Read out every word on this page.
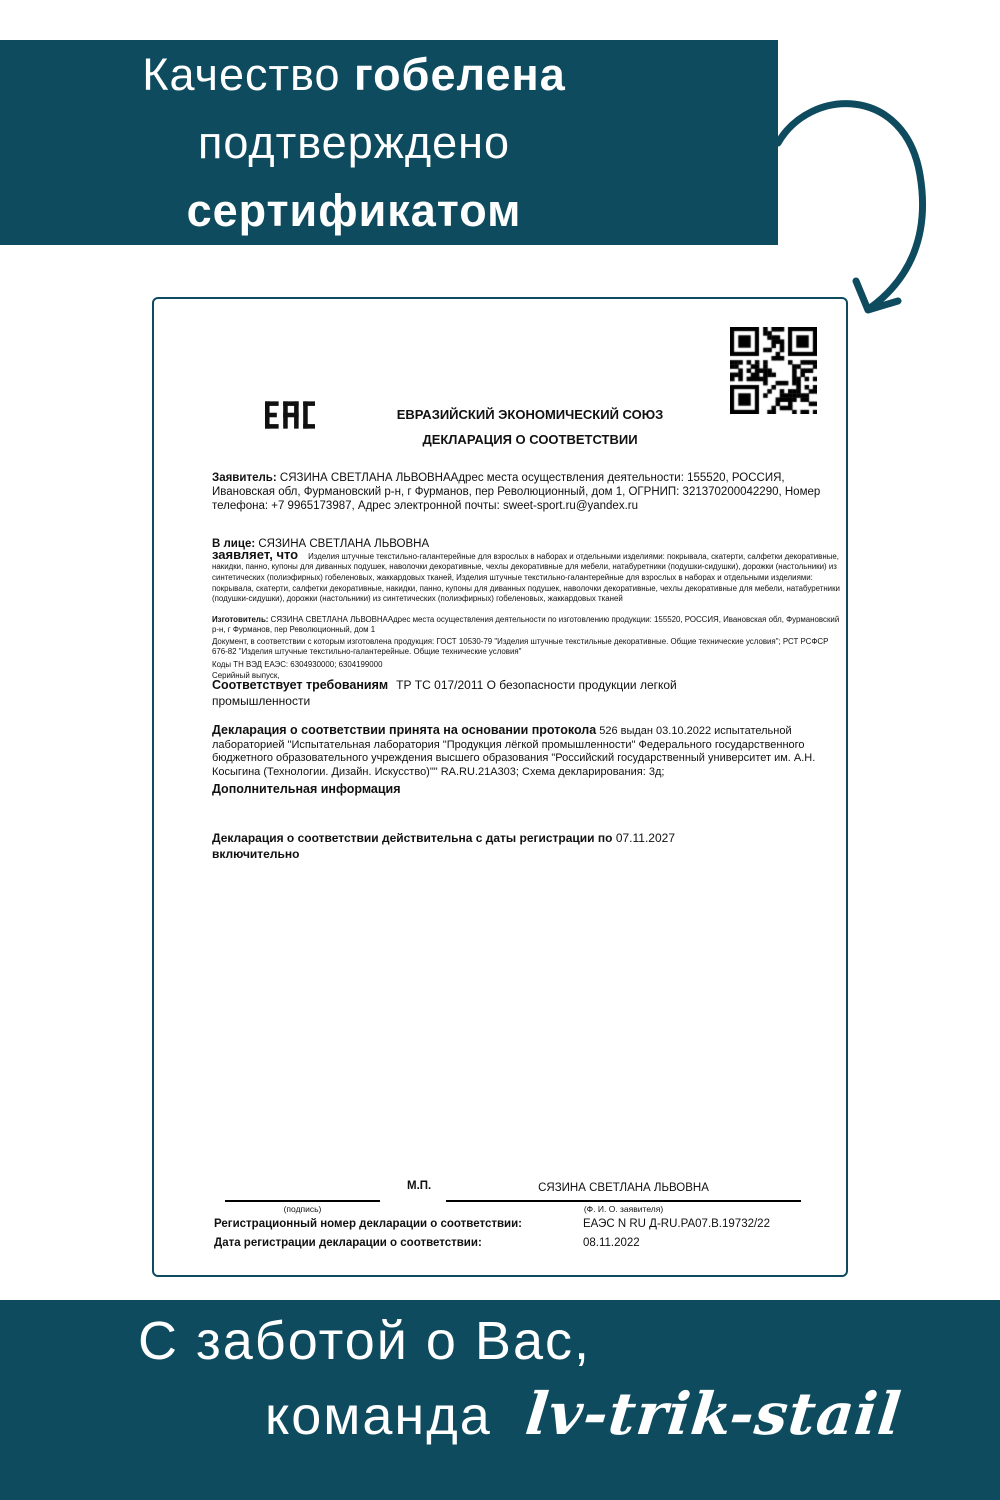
Качество гобелена
подтверждено
сертификатом
ЕВРАЗИЙСКИЙ ЭКОНОМИЧЕСКИЙ СОЮЗ
ДЕКЛАРАЦИЯ О СООТВЕТСТВИИ

Заявитель: СЯЗИНА СВЕТЛАНА ЛЬВОВНААдрес места осуществления деятельности: 155520, РОССИЯ, Ивановская обл, Фурмановский р-н, г Фурманов, пер Революционный, дом 1, ОГРНИП: 321370200042290, Номер телефона: +7 9965173987, Адрес электронной почты: sweet-sport.ru@yandex.ru

В лице: СЯЗИНА СВЕТЛАНА ЛЬВОВНА

заявляет, что Изделия штучные текстильно-галантерейные для взрослых в наборах и отдельными изделиями: покрывала, скатерти, салфетки декоративные, накидки, панно, купоны для диванных подушек, наволочки декоративные, чехлы декоративные для мебели, натабуретники (подушки-сидушки), дорожки (настольники) из синтетических (полиэфирных) гобеленовых, жаккардовых тканей, Изделия штучные текстильно-галантерейные для взрослых в наборах и отдельными изделиями: покрывала, скатерти, салфетки декоративные, накидки, панно, купоны для диванных подушек, наволочки декоративные, чехлы декоративные для мебели, натабуретники (подушки-сидушки), дорожки (настольники) из синтетических (полиэфирных) гобеленовых, жаккардовых тканей

Изготовитель: СЯЗИНА СВЕТЛАНА ЛЬВОВНААдрес места осуществления деятельности по изготовлению продукции: 155520, РОССИЯ, Ивановская обл, Фурмановский р-н, г Фурманов, пер Революционный, дом 1

Документ, в соответствии с которым изготовлена продукция: ГОСТ 10530-79 "Изделия штучные текстильные декоративные. Общие технические условия"; РСТ РСФСР 676-82 "Изделия штучные текстильно-галантерейные. Общие технические условия"

Коды ТН ВЭД ЕАЭС: 6304930000; 6304199000

Серийный выпуск,

Соответствует требованиям ТР ТС 017/2011 О безопасности продукции легкой промышленности

Декларация о соответствии принята на основании протокола 526 выдан 03.10.2022 испытательной лабораторией "Испытательная лаборатория "Продукция лёгкой промышленности" Федерального государственного бюджетного образовательного учреждения высшего образования "Российский государственный университет им. А.Н. Косыгина (Технологии. Дизайн. Искусство)"" RA.RU.21A303; Схема декларирования: 3д;

Дополнительная информация

Декларация о соответствии действительна с даты регистрации по 07.11.2027
включительно

М.П.	СЯЗИНА СВЕТЛАНА ЛЬВОВНА
(подпись)	(Ф. И. О. заявителя)
Регистрационный номер декларации о соответствии:	ЕАЭС N RU Д-RU.РА07.В.19732/22
Дата регистрации декларации о соответствии:	08.11.2022
С заботой о Вас,
команда lv-trik-stail
